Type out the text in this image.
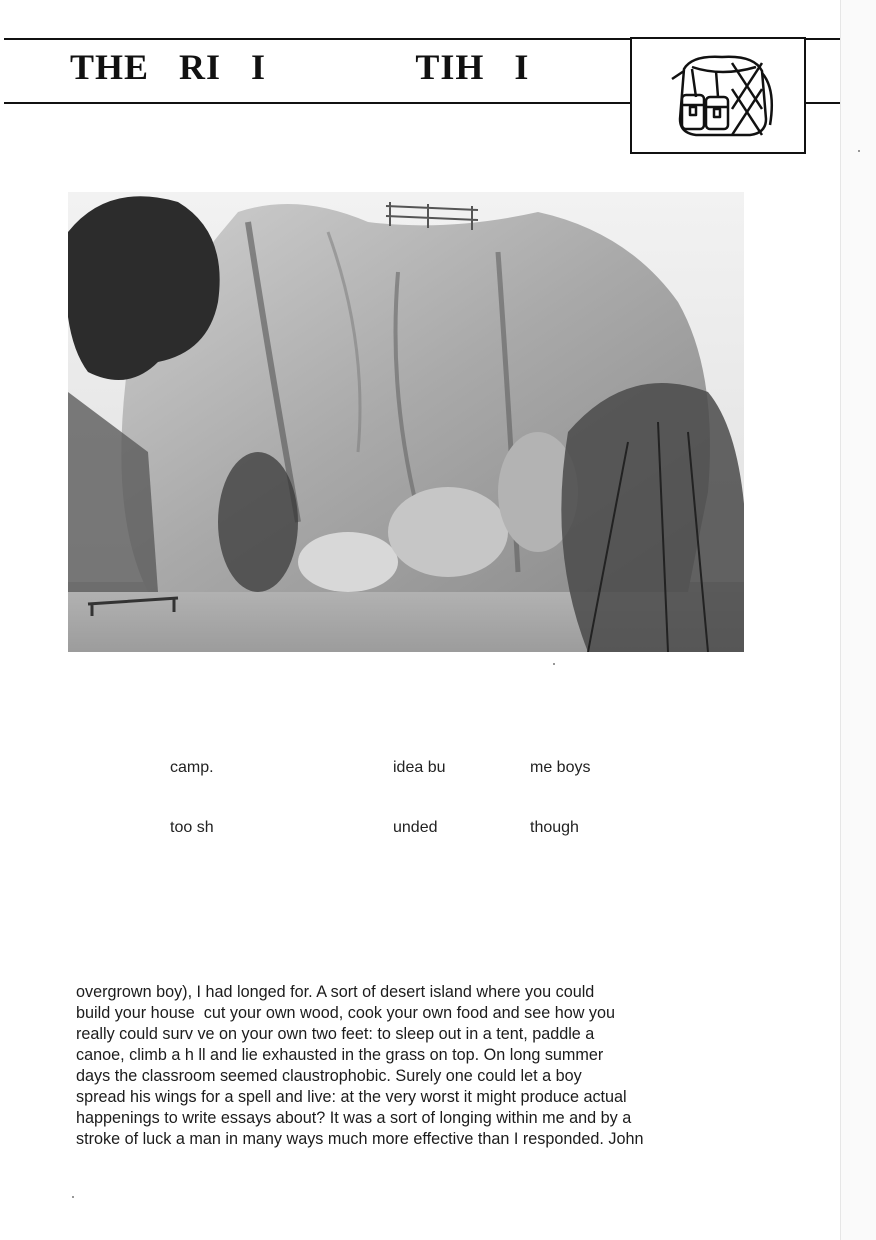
THE   RI   I               TIH   I

camp.

too sh

idea bu

unded

me boys

though

overgrown boy), I had longed for. A sort of desert island where you could
build your house  cut your own wood, cook your own food and see how you
really could surv ve on your own two feet: to sleep out in a tent, paddle a
canoe, climb a h ll and lie exhausted in the grass on top. On long summer
days the classroom seemed claustrophobic. Surely one could let a boy
spread his wings for a spell and live: at the very worst it might produce actual
happenings to write essays about? It was a sort of longing within me and by a
stroke of luck a man in many ways much more effective than I responded. John
